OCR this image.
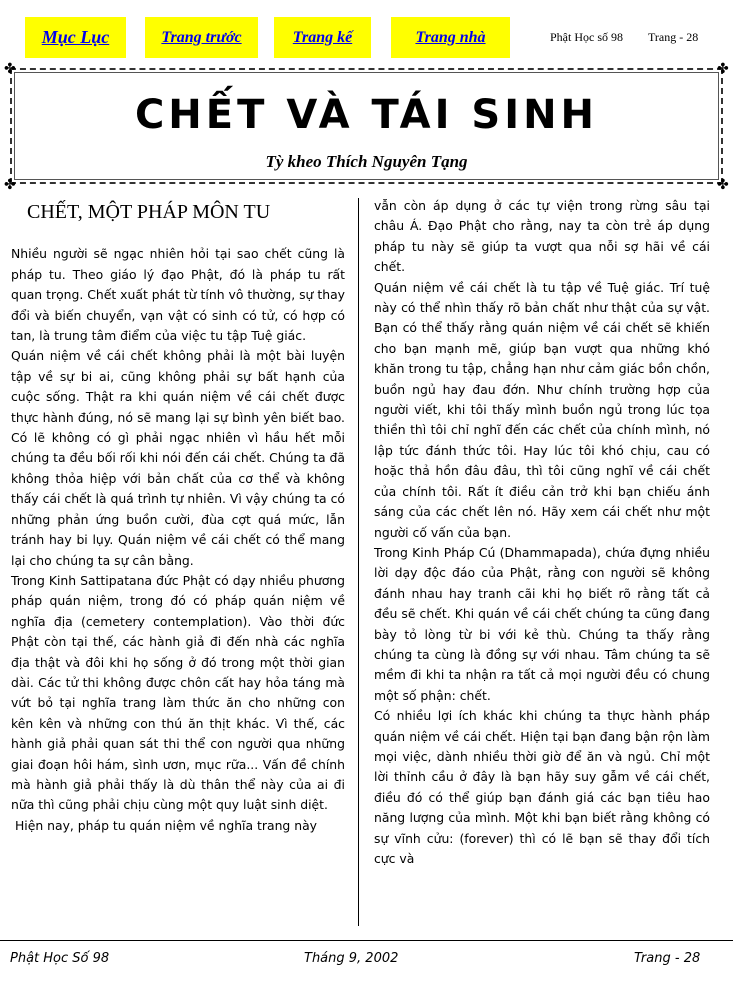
Mục Lục	Trang trước	Trang kế	Trang nhà	Phật Học số 98 Trang - 28
✤	✤
✤	✤
CHẾT VÀ TÁI SINH
Tỳ kheo Thích Nguyên Tạng
CHẾT, MỘT PHÁP MÔN TU

Nhiều người sẽ ngạc nhiên hỏi tại sao chết cũng là pháp tu. Theo giáo lý đạo Phật, đó là pháp tu rất quan trọng. Chết xuất phát từ tính vô thường, sự thay đổi và biến chuyển, vạn vật có sinh có tử, có hợp có tan, là trung tâm điểm của việc tu tập Tuệ giác.

Quán niệm về cái chết không phải là một bài luyện tập về sự bi ai, cũng không phải sự bất hạnh của cuộc sống. Thật ra khi quán niệm về cái chết được thực hành đúng, nó sẽ mang lại sự bình yên biết bao. Có lẽ không có gì phải ngạc nhiên vì hầu hết mỗi chúng ta đều bối rối khi nói đến cái chết. Chúng ta đã không thỏa hiệp với bản chất của cơ thể và không thấy cái chết là quá trình tự nhiên. Vì vậy chúng ta có những phản ứng buồn cười, đùa cợt quá mức, lẫn tránh hay bi lụy. Quán niệm về cái chết có thể mang lại cho chúng ta sự cân bằng.

Trong Kinh Sattipatana đức Phật có dạy nhiều phương pháp quán niệm, trong đó có pháp quán niệm về nghĩa địa (cemetery contemplation). Vào thời đức Phật còn tại thế, các hành giả đi đến nhà các nghĩa địa thật và đôi khi họ sống ở đó trong một thời gian dài. Các tử thi không được chôn cất hay hỏa táng mà vứt bỏ tại nghĩa trang làm thức ăn cho những con kên kên và những con thú ăn thịt khác. Vì thế, các hành giả phải quan sát thi thể con người qua những giai đoạn hôi hám, sình ươn, mục rữa... Vấn đề chính mà hành giả phải thấy là dù thân thể này của ai đi nữa thì cũng phải chịu cùng một quy luật sinh diệt.

Hiện nay, pháp tu quán niệm về nghĩa trang này

vẫn còn áp dụng ở các tự viện trong rừng sâu tại châu Á. Đạo Phật cho rằng, nay ta còn trẻ áp dụng pháp tu này sẽ giúp ta vượt qua nỗi sợ hãi về cái chết.

Quán niệm về cái chết là tu tập về Tuệ giác. Trí tuệ này có thể nhìn thấy rõ bản chất như thật của sự vật. Bạn có thể thấy rằng quán niệm về cái chết sẽ khiến cho bạn mạnh mẽ, giúp bạn vượt qua những khó khăn trong tu tập, chẳng hạn như cảm giác bồn chồn, buồn ngủ hay đau đớn. Như chính trường hợp của người viết, khi tôi thấy mình buồn ngủ trong lúc tọa thiền thì tôi chỉ nghĩ đến các chết của chính mình, nó lập tức đánh thức tôi. Hay lúc tôi khó chịu, cau có hoặc thả hồn đâu đâu, thì tôi cũng nghĩ về cái chết của chính tôi. Rất ít điều cản trở khi bạn chiếu ánh sáng của các chết lên nó. Hãy xem cái chết như một người cố vấn của bạn.

Trong Kinh Pháp Cú (Dhammapada), chứa đựng nhiều lời dạy độc đáo của Phật, rằng con người sẽ không đánh nhau hay tranh cãi khi họ biết rõ rằng tất cả đều sẽ chết. Khi quán về cái chết chúng ta cũng đang bày tỏ lòng từ bi với kẻ thù. Chúng ta thấy rằng chúng ta cùng là đồng sự với nhau. Tâm chúng ta sẽ mềm đi khi ta nhận ra tất cả mọi người đều có chung một số phận: chết.

Có nhiều lợi ích khác khi chúng ta thực hành pháp quán niệm về cái chết. Hiện tại bạn đang bận rộn làm mọi việc, dành nhiều thời giờ để ăn và ngủ. Chỉ một lời thỉnh cầu ở đây là bạn hãy suy gẫm về cái chết, điều đó có thể giúp bạn đánh giá các bạn tiêu hao năng lượng của mình. Một khi bạn biết rằng không có sự vĩnh cửu: (forever) thì có lẽ bạn sẽ thay đổi tích cực và

Phật Học Số 98	Tháng 9, 2002	Trang - 28
